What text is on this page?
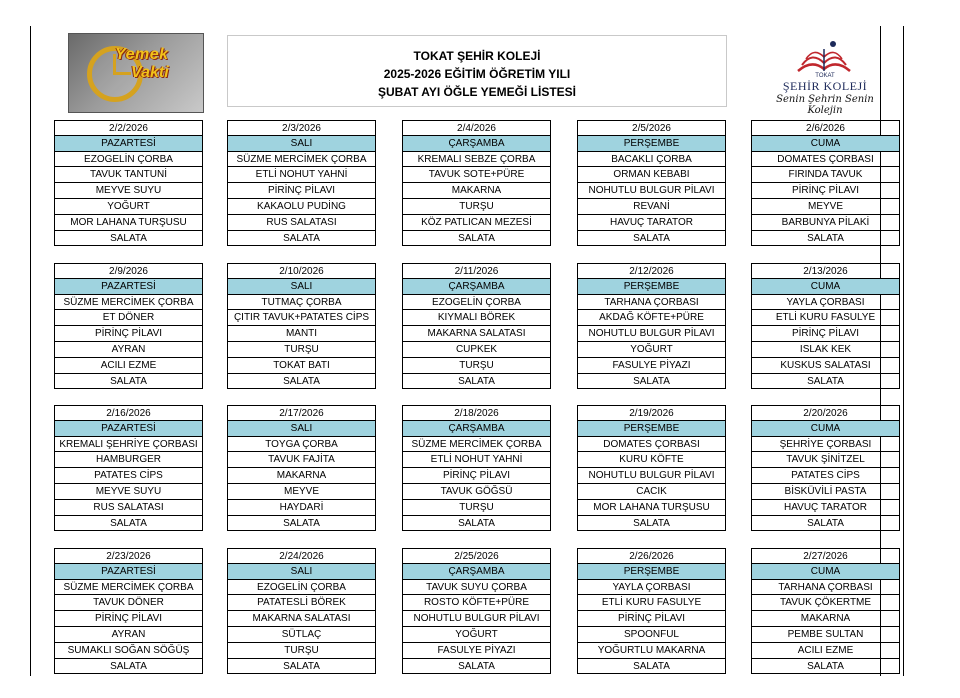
Yemek
Vakti
TOKAT ŞEHİR KOLEJİ
2025-2026 EĞİTİM ÖĞRETİM YILI
ŞUBAT AYI ÖĞLE YEMEĞİ LİSTESİ
TOKAT
ŞEHİR KOLEJİ
Senin Şehrin Senin Kolejin
2/2/2026
PAZARTESİ
EZOGELİN ÇORBA
TAVUK TANTUNİ
MEYVE SUYU
YOĞURT
MOR LAHANA TURŞUSU
SALATA
2/3/2026
SALI
SÜZME MERCİMEK ÇORBA
ETLİ NOHUT YAHNİ
PİRİNÇ PİLAVI
KAKAOLU PUDİNG
RUS SALATASI
SALATA
2/4/2026
ÇARŞAMBA
KREMALI SEBZE ÇORBA
TAVUK SOTE+PÜRE
MAKARNA
TURŞU
KÖZ PATLICAN MEZESİ
SALATA
2/5/2026
PERŞEMBE
BACAKLI ÇORBA
ORMAN KEBABI
NOHUTLU BULGUR PİLAVI
REVANİ
HAVUÇ TARATOR
SALATA
2/6/2026
CUMA
DOMATES ÇORBASI
FIRINDA TAVUK
PİRİNÇ PİLAVI
MEYVE
BARBUNYA PİLAKİ
SALATA
2/9/2026
PAZARTESİ
SÜZME MERCİMEK ÇORBA
ET DÖNER
PİRİNÇ PİLAVI
AYRAN
ACILI EZME
SALATA
2/10/2026
SALI
TUTMAÇ ÇORBA
ÇITIR TAVUK+PATATES CİPS
MANTI
TURŞU
TOKAT BATI
SALATA
2/11/2026
ÇARŞAMBA
EZOGELİN ÇORBA
KIYMALI BÖREK
MAKARNA SALATASI
CUPKEK
TURŞU
SALATA
2/12/2026
PERŞEMBE
TARHANA ÇORBASI
AKDAĞ KÖFTE+PÜRE
NOHUTLU BULGUR PİLAVI
YOĞURT
FASULYE PİYAZI
SALATA
2/13/2026
CUMA
YAYLA ÇORBASI
ETLİ KURU FASULYE
PİRİNÇ PİLAVI
ISLAK KEK
KUSKUS SALATASI
SALATA
2/16/2026
PAZARTESİ
KREMALI ŞEHRİYE ÇORBASI
HAMBURGER
PATATES CİPS
MEYVE SUYU
RUS SALATASI
SALATA
2/17/2026
SALI
TOYGA ÇORBA
TAVUK FAJİTA
MAKARNA
MEYVE
HAYDARİ
SALATA
2/18/2026
ÇARŞAMBA
SÜZME MERCİMEK ÇORBA
ETLİ NOHUT YAHNİ
PİRİNÇ PİLAVI
TAVUK GÖĞSÜ
TURŞU
SALATA
2/19/2026
PERŞEMBE
DOMATES ÇORBASI
KURU KÖFTE
NOHUTLU BULGUR PİLAVI
CACIK
MOR LAHANA TURŞUSU
SALATA
2/20/2026
CUMA
ŞEHRİYE ÇORBASI
TAVUK ŞİNİTZEL
PATATES CİPS
BİSKÜVİLİ PASTA
HAVUÇ TARATOR
SALATA
2/23/2026
PAZARTESİ
SÜZME MERCİMEK ÇORBA
TAVUK DÖNER
PİRİNÇ PİLAVI
AYRAN
SUMAKLI SOĞAN SÖĞÜŞ
SALATA
2/24/2026
SALI
EZOGELİN ÇORBA
PATATESLİ BÖREK
MAKARNA SALATASI
SÜTLAÇ
TURŞU
SALATA
2/25/2026
ÇARŞAMBA
TAVUK SUYU ÇORBA
ROSTO KÖFTE+PÜRE
NOHUTLU BULGUR PİLAVI
YOĞURT
FASULYE PİYAZI
SALATA
2/26/2026
PERŞEMBE
YAYLA ÇORBASI
ETLİ KURU FASULYE
PİRİNÇ PİLAVI
SPOONFUL
YOĞURTLU MAKARNA
SALATA
2/27/2026
CUMA
TARHANA ÇORBASI
TAVUK ÇÖKERTME
MAKARNA
PEMBE SULTAN
ACILI EZME
SALATA
